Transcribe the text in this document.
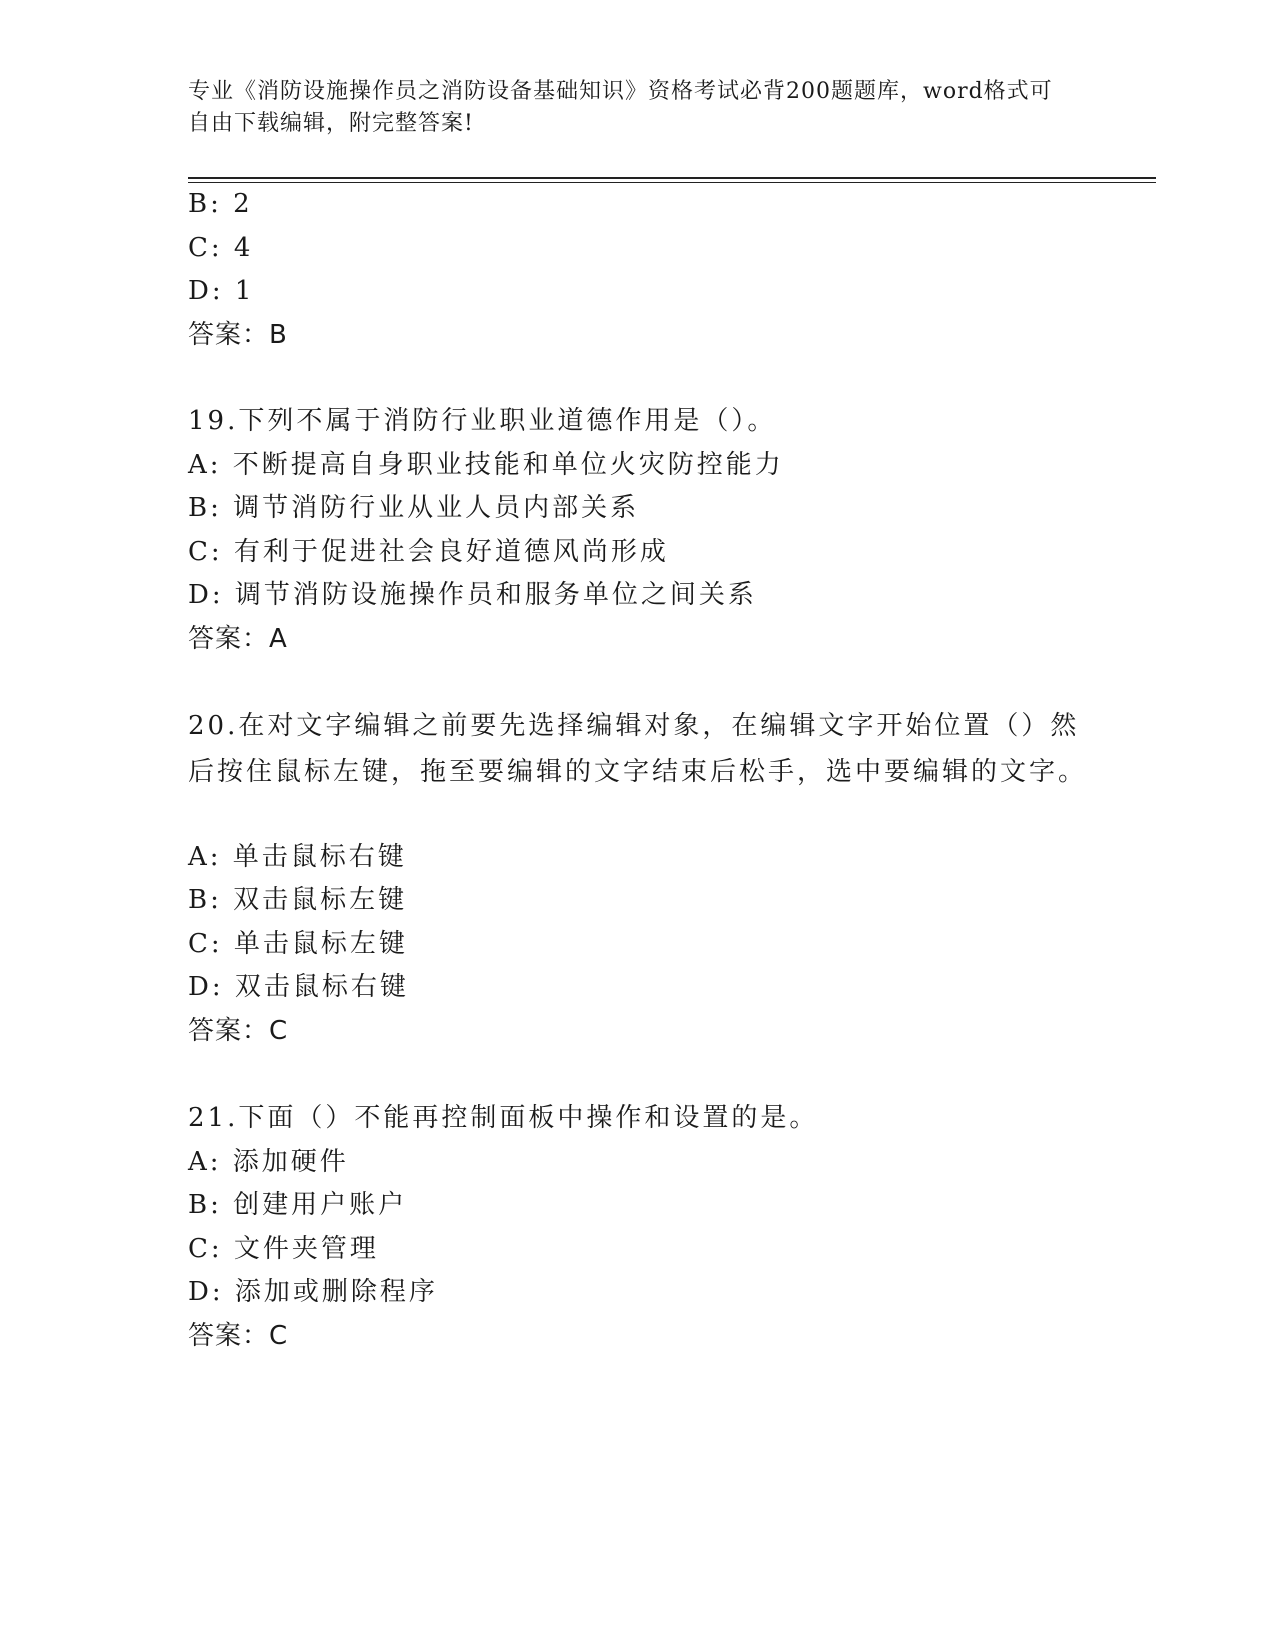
专业《消防设施操作员之消防设备基础知识》资格考试必背200题题库，word格式可自由下载编辑，附完整答案!
B: 2
C: 4
D: 1
答案：B
19.下列不属于消防行业职业道德作用是（）。
A: 不断提高自身职业技能和单位火灾防控能力
B: 调节消防行业从业人员内部关系
C: 有利于促进社会良好道德风尚形成
D: 调节消防设施操作员和服务单位之间关系
答案：A
20.在对文字编辑之前要先选择编辑对象，在编辑文字开始位置（）然后按住鼠标左键，拖至要编辑的文字结束后松手，选中要编辑的文字。
A: 单击鼠标右键
B: 双击鼠标左键
C: 单击鼠标左键
D: 双击鼠标右键
答案：C
21.下面（）不能再控制面板中操作和设置的是。
A: 添加硬件
B: 创建用户账户
C: 文件夹管理
D: 添加或删除程序
答案：C
